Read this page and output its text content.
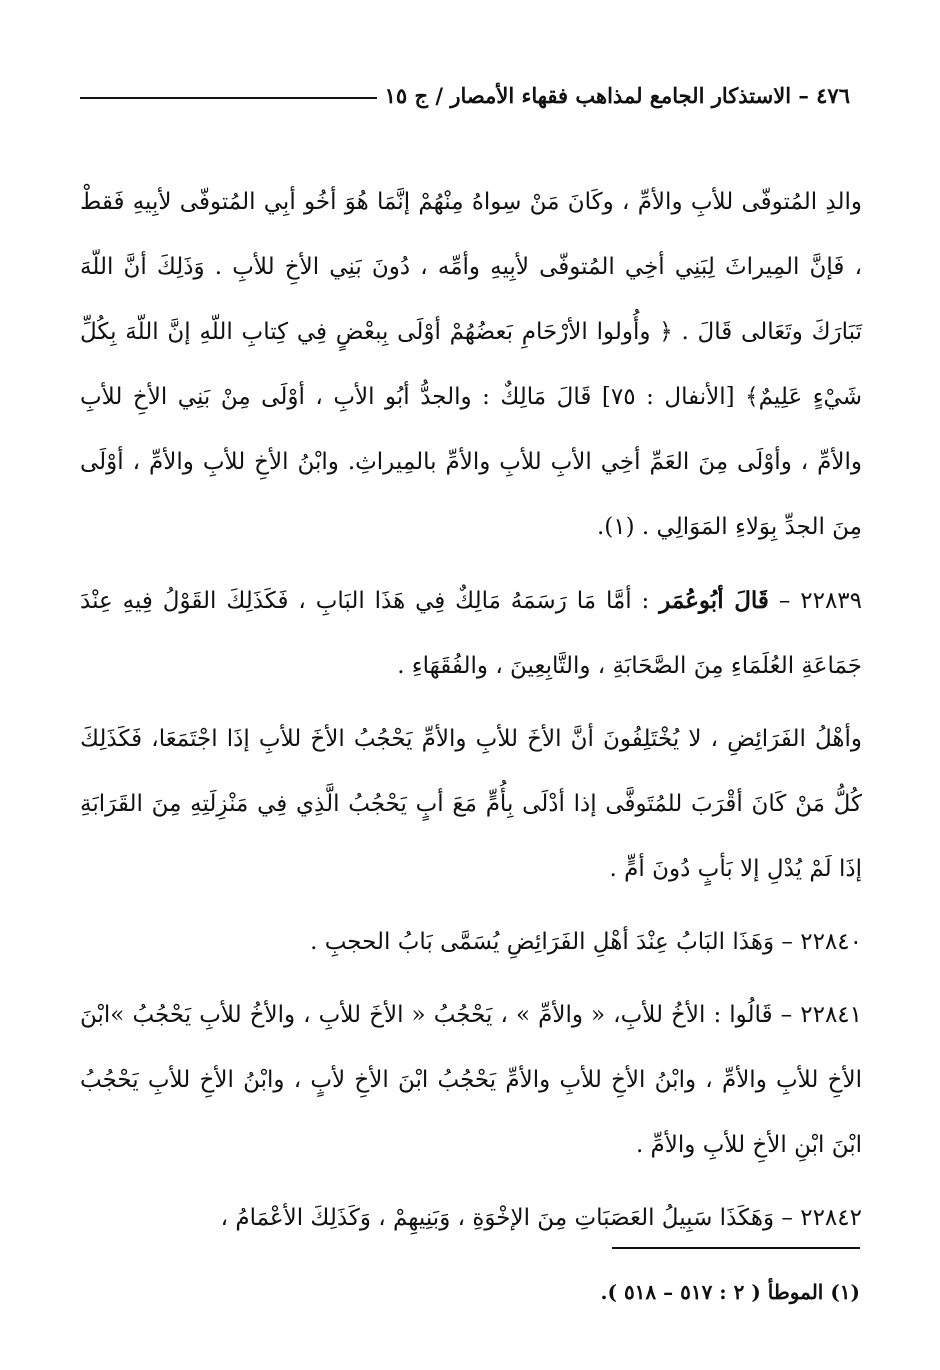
٤٧٦ – الاستذكار الجامع لمذاهب فقهاء الأمصار / ج ١٥

والدِ المُتوفّى للأبِ والأمِّ ، وكَانَ مَنْ سِواهُ مِنْهُمْ إنَّمَا هُوَ أخُو أبِي المُتوفّى لأبِيهِ فَقطْ ، فَإنَّ المِيراثَ لِبَنِي أخِي المُتوفّى لأبِيهِ وأمِّه ، دُونَ بَنِي الأخِ للأبِ . وَذَلِكَ أنَّ اللّهَ تَبَارَكَ وتَعَالى قَالَ . ﴿ وأُولوا الأرْحَامِ بَعضُهُمْ أوْلَى بِبعْضٍ فِي كِتابِ اللّهِ إنَّ اللّهَ بِكُلِّ شَيْءٍ عَلِيمٌ﴾ [الأنفال : ٧٥] قَالَ مَالِكٌ : والجدُّ أبُو الأبِ ، أوْلَى مِنْ بَنِي الأخِ للأبِ والأمِّ ، وأوْلَى مِنَ العَمِّ أخِي الأبِ للأبِ والأمِّ بالمِيراثِ. وابْنُ الأخِ للأبِ والأمِّ ، أوْلَى مِنَ الجدِّ بِوَلاءِ المَوَالِي . (١).

٢٢٨٣٩ – قَالَ أبُوعُمَر : أمَّا مَا رَسَمَهُ مَالِكٌ فِي هَذَا البَابِ ، فَكَذَلِكَ القَوْلُ فِيهِ عِنْدَ جَمَاعَةِ العُلَمَاءِ مِنَ الصَّحَابَةِ ، والتَّابِعِينَ ، والفُقَهَاءِ .

وأهْلُ الفَرَائِضِ ، لا يُخْتَلِفُونَ أنَّ الأخَ للأبِ والأمِّ يَحْجُبُ الأخَ للأبِ إذَا اجْتَمَعَا، فَكَذَلِكَ كُلُّ مَنْ كَانَ أقْرَبَ للمُتَوفَّى إذا أدْلَى بِأُمٍّ مَعَ أبٍ يَحْجُبُ الَّذِي فِي مَنْزِلَتِهِ مِنَ القَرَابَةِ إذَا لَمْ يُدْلِ إلا بَأبٍ دُونَ أمٍّ .

٢٢٨٤٠ – وَهَذَا البَابُ عِنْدَ أهْلِ الفَرَائِضِ يُسَمَّى بَابُ الحجبِ .

٢٢٨٤١ – قَالُوا : الأخُ للأبِ، « والأمِّ » ، يَحْجُبُ « الأخَ للأبِ ، والأخُ للأبِ يَحْجُبُ »ابْنَ الأخِ للأبِ والأمِّ ، وابْنُ الأخِ للأبِ والأمِّ يَحْجُبُ ابْنَ الأخِ لأبٍ ، وابْنُ الأخِ للأبِ يَحْجُبُ ابْنَ ابْنِ الأخِ للأبِ والأمِّ .

٢٢٨٤٢ – وَهَكَذَا سَبِيلُ العَصَبَاتِ مِنَ الإخْوَةِ ، وَبَنِيهِمْ ، وَكَذَلِكَ الأعْمَامُ ،

(١) الموطأ ( ٢ : ٥١٧ – ٥١٨ ).
